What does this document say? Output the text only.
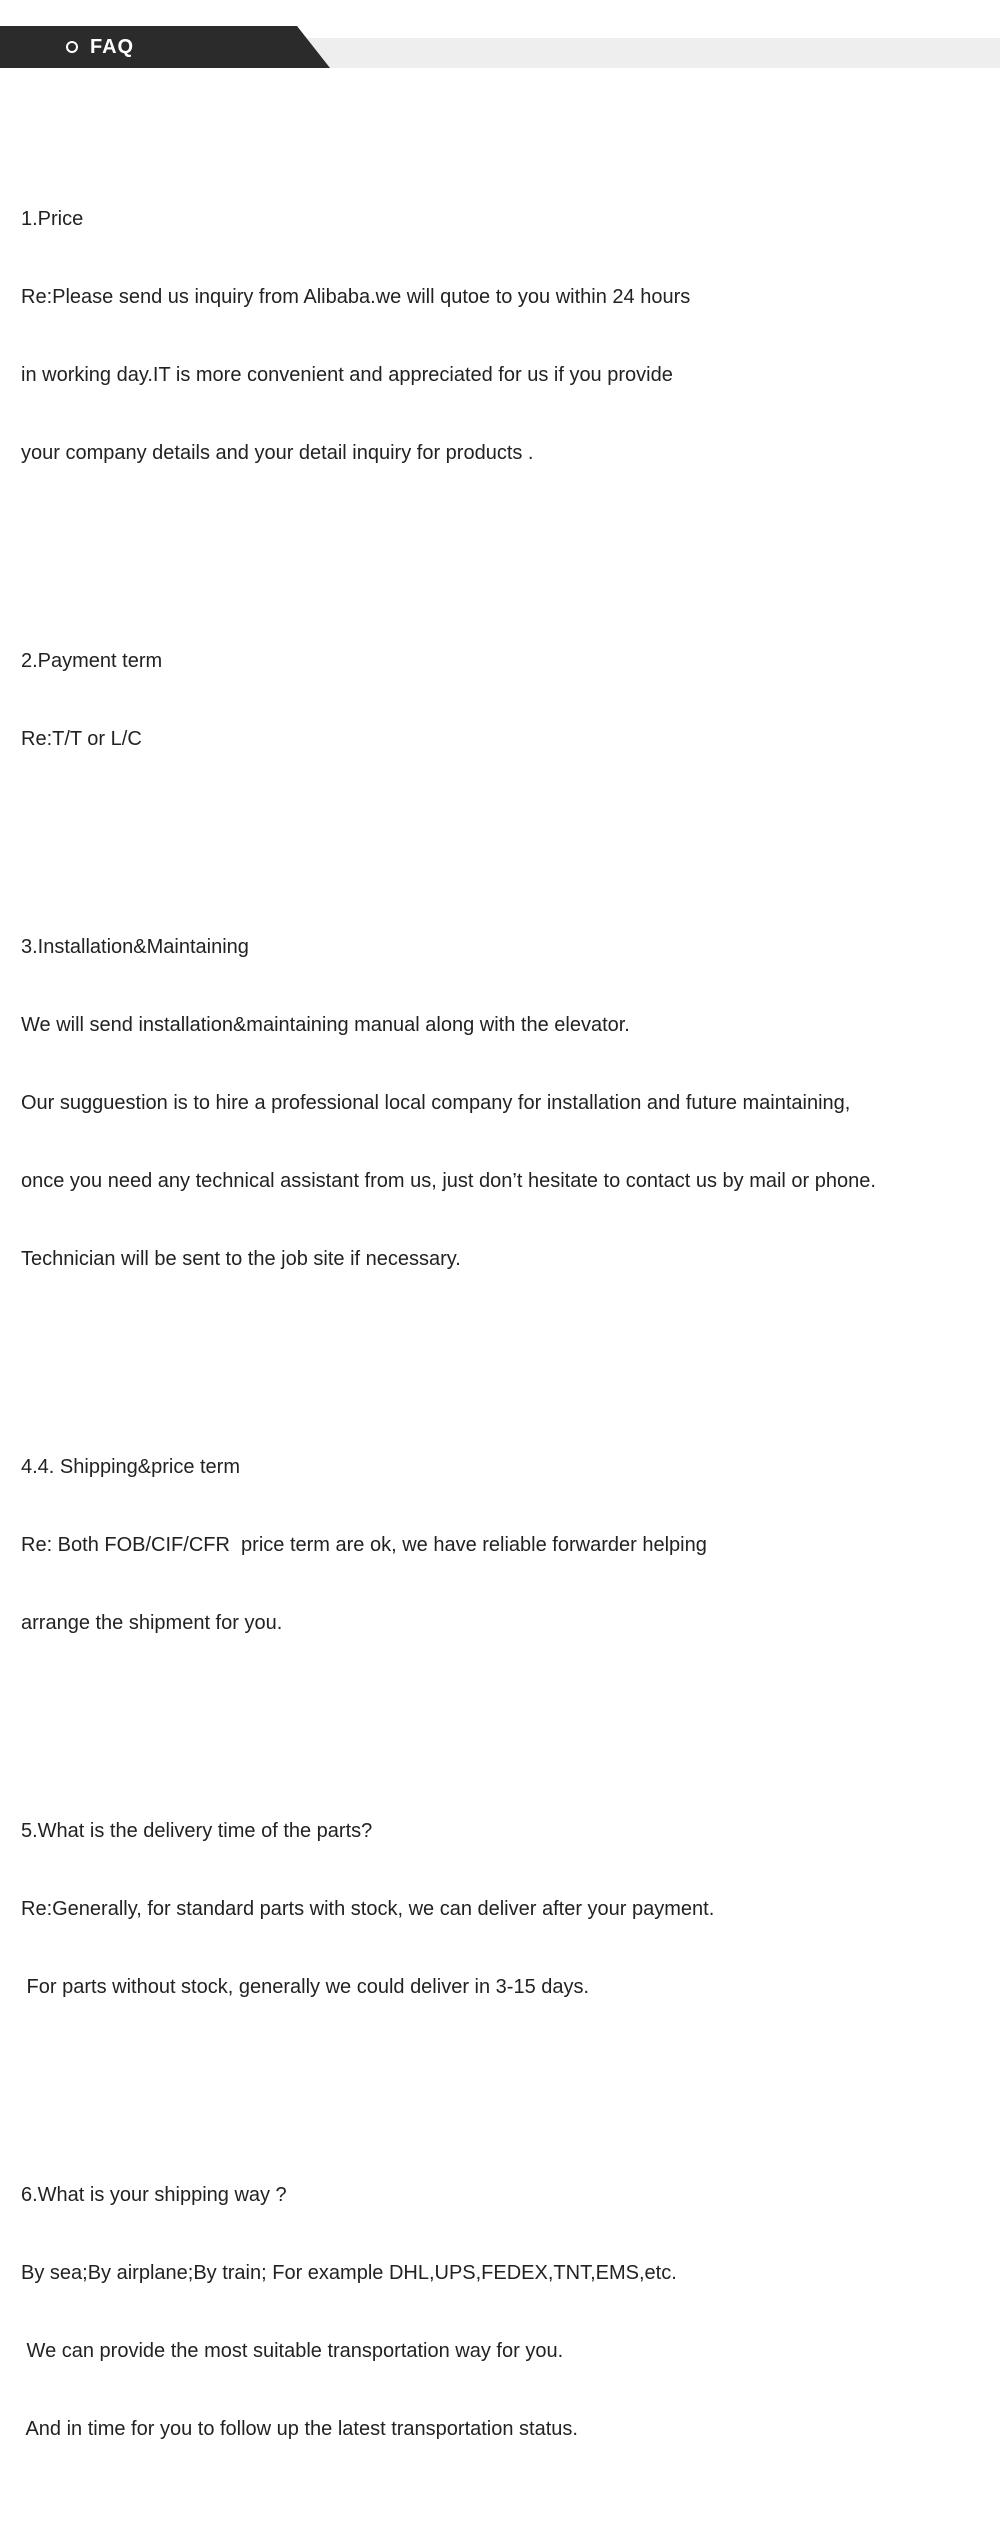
FAQ

1.Price

Re:Please send us inquiry from Alibaba.we will qutoe to you within 24 hours

in working day.IT is more convenient and appreciated for us if you provide

your company details and your detail inquiry for products .

2.Payment term

Re:T/T or L/C

3.Installation&Maintaining

We will send installation&maintaining manual along with the elevator.

Our sugguestion is to hire a professional local company for installation and future maintaining,

once you need any technical assistant from us, just don’t hesitate to contact us by mail or phone.

Technician will be sent to the job site if necessary.

4.4. Shipping&price term

Re: Both FOB/CIF/CFR  price term are ok, we have reliable forwarder helping

arrange the shipment for you.

5.What is the delivery time of the parts?

Re:Generally, for standard parts with stock, we can deliver after your payment.

For parts without stock, generally we could deliver in 3-15 days.

6.What is your shipping way ?

By sea;By airplane;By train; For example DHL,UPS,FEDEX,TNT,EMS,etc.

We can provide the most suitable transportation way for you.

And in time for you to follow up the latest transportation status.
